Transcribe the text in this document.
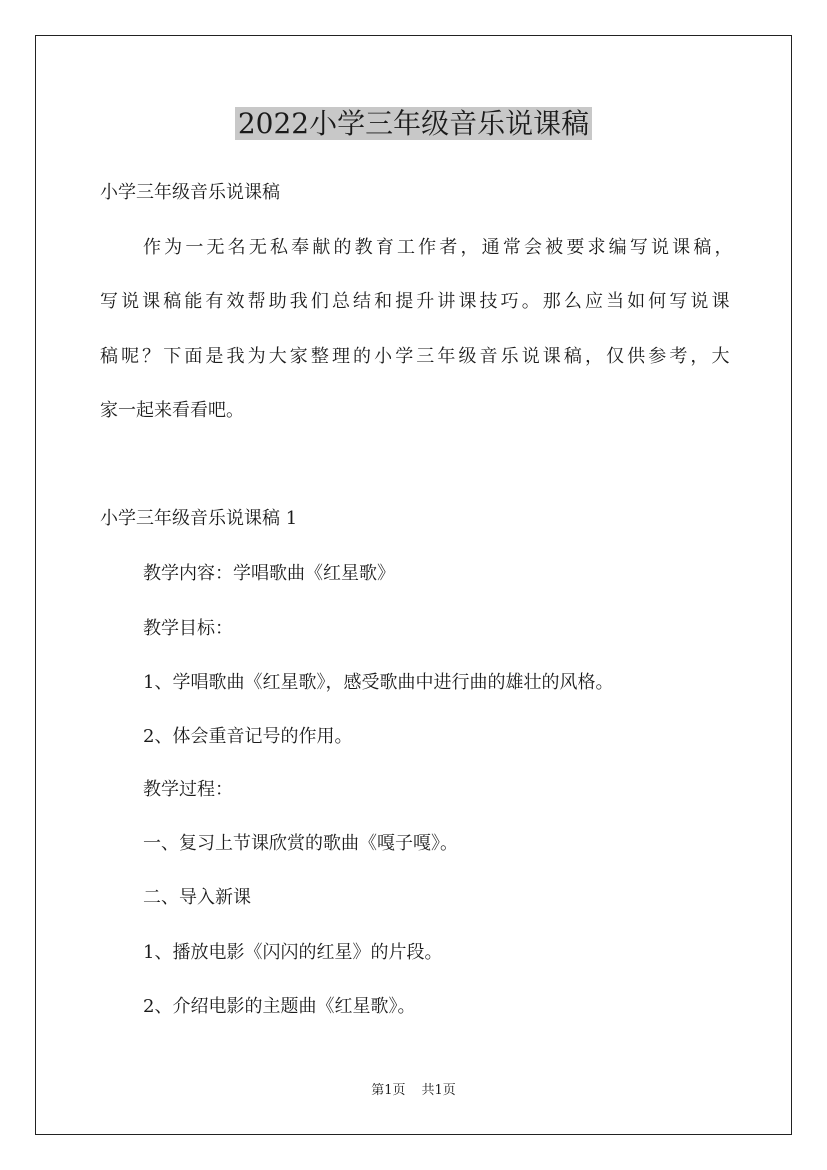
2022小学三年级音乐说课稿

小学三年级音乐说课稿

作为一无名无私奉献的教育工作者，通常会被要求编写说课稿，

写说课稿能有效帮助我们总结和提升讲课技巧。那么应当如何写说课

稿呢？下面是我为大家整理的小学三年级音乐说课稿，仅供参考，大

家一起来看看吧。

小学三年级音乐说课稿 1

教学内容：学唱歌曲《红星歌》

教学目标：

1、学唱歌曲《红星歌》，感受歌曲中进行曲的雄壮的风格。

2、体会重音记号的作用。

教学过程：

一、复习上节课欣赏的歌曲《嘎子嘎》。

二、导入新课

1、播放电影《闪闪的红星》的片段。

2、介绍电影的主题曲《红星歌》。

第1页 共1页
